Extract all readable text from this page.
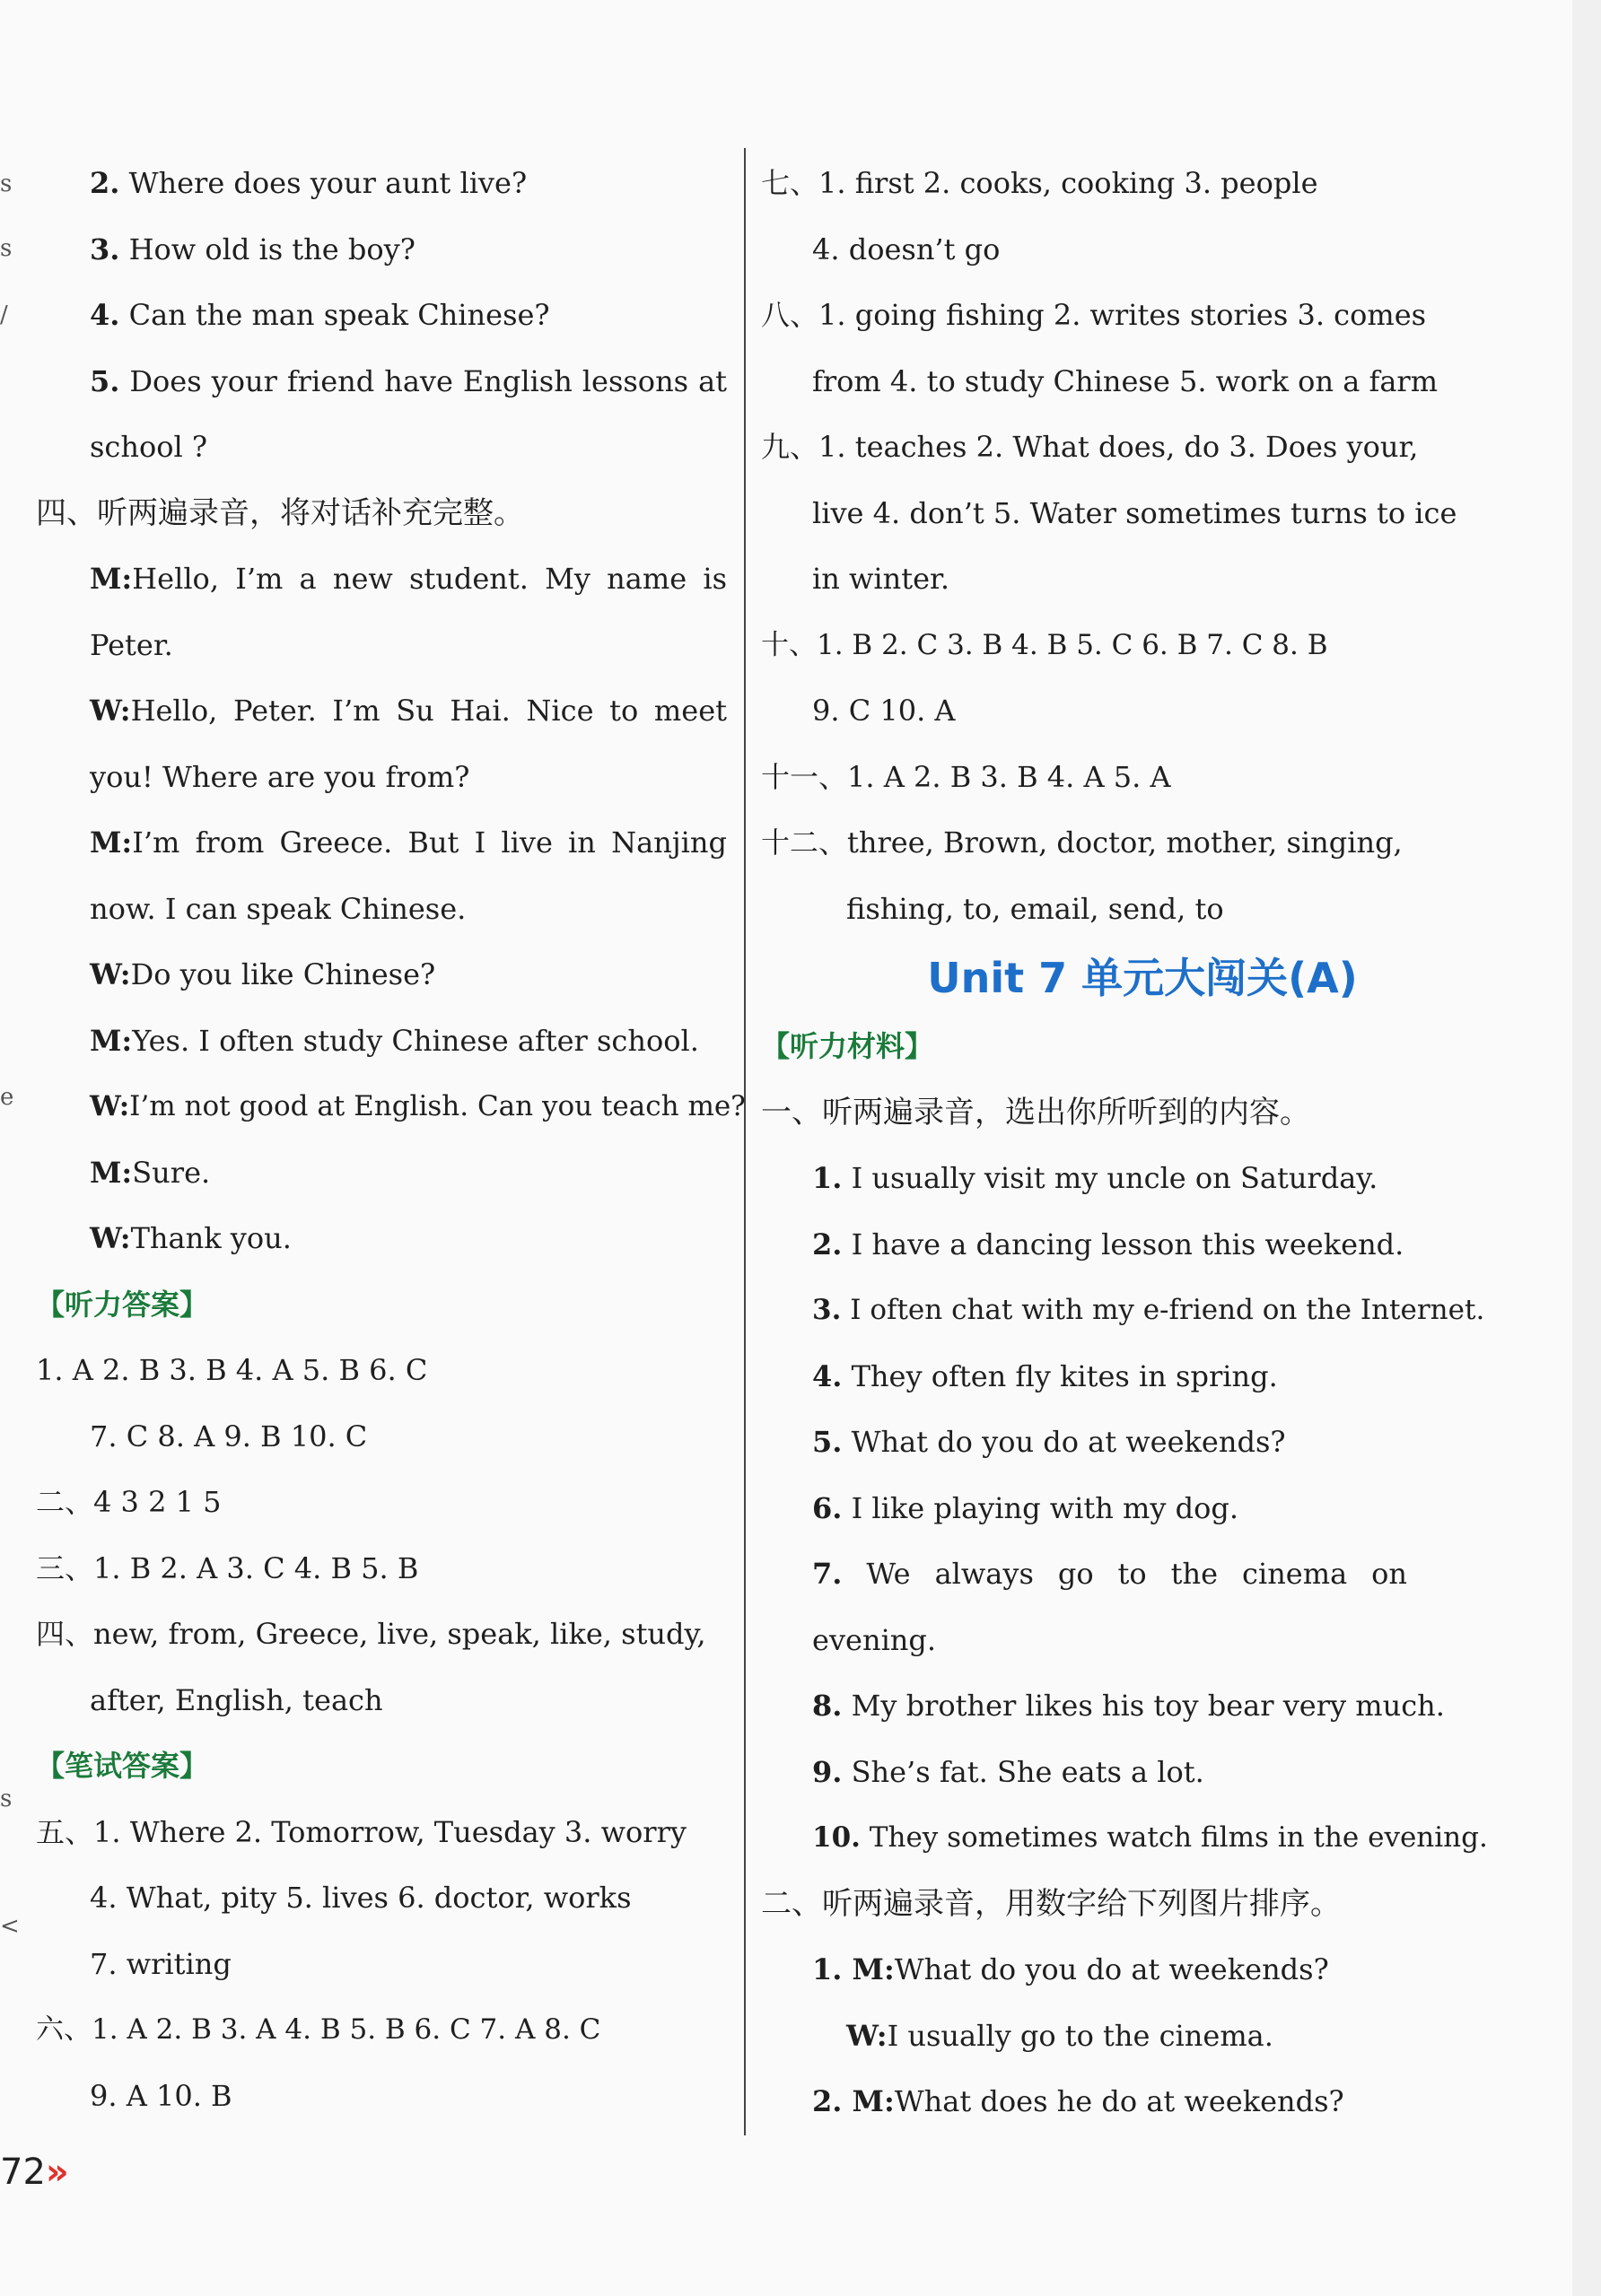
s
s
/
e
s
<
2. Where does your aunt live?
3. How old is the boy?
4. Can the man speak Chinese?
5. Does your friend have English lessons at
school ?
四、听两遍录音，将对话补充完整。
M:Hello, I’m a new student. My name is
Peter.
W:Hello, Peter. I’m Su Hai. Nice to meet
you! Where are you from?
M:I’m from Greece. But I live in Nanjing
now. I can speak Chinese.
W:Do you like Chinese?
M:Yes. I often study Chinese after school.
W:I’m not good at English. Can you teach me?
M:Sure.
W:Thank you.
【听力答案】
1. A 2. B 3. B 4. A 5. B 6. C
7. C 8. A 9. B 10. C
二、4 3 2 1 5
三、1. B 2. A 3. C 4. B 5. B
四、new, from, Greece, live, speak, like, study,
after, English, teach
【笔试答案】
五、1. Where 2. Tomorrow, Tuesday 3. worry
4. What, pity 5. lives 6. doctor, works
7. writing
六、1. A 2. B 3. A 4. B 5. B 6. C 7. A 8. C
9. A 10. B
七、1. first 2. cooks, cooking 3. people
4. doesn’t go
八、1. going fishing 2. writes stories 3. comes
from 4. to study Chinese 5. work on a farm
九、1. teaches 2. What does, do 3. Does your,
live 4. don’t 5. Water sometimes turns to ice
in winter.
十、1. B 2. C 3. B 4. B 5. C 6. B 7. C 8. B
9. C 10. A
十一、1. A 2. B 3. B 4. A 5. A
十二、three, Brown, doctor, mother, singing,
fishing, to, email, send, to
Unit 7 单元大闯关(A)
【听力材料】
一、听两遍录音，选出你所听到的内容。
1. I usually visit my uncle on Saturday.
2. I have a dancing lesson this weekend.
3. I often chat with my e-friend on the Internet.
4. They often fly kites in spring.
5. What do you do at weekends?
6. I like playing with my dog.
7. We always go to the cinema on
evening.
8. My brother likes his toy bear very much.
9. She’s fat. She eats a lot.
10. They sometimes watch films in the evening.
二、听两遍录音，用数字给下列图片排序。
1. M:What do you do at weekends?
W:I usually go to the cinema.
2. M:What does he do at weekends?
72»
